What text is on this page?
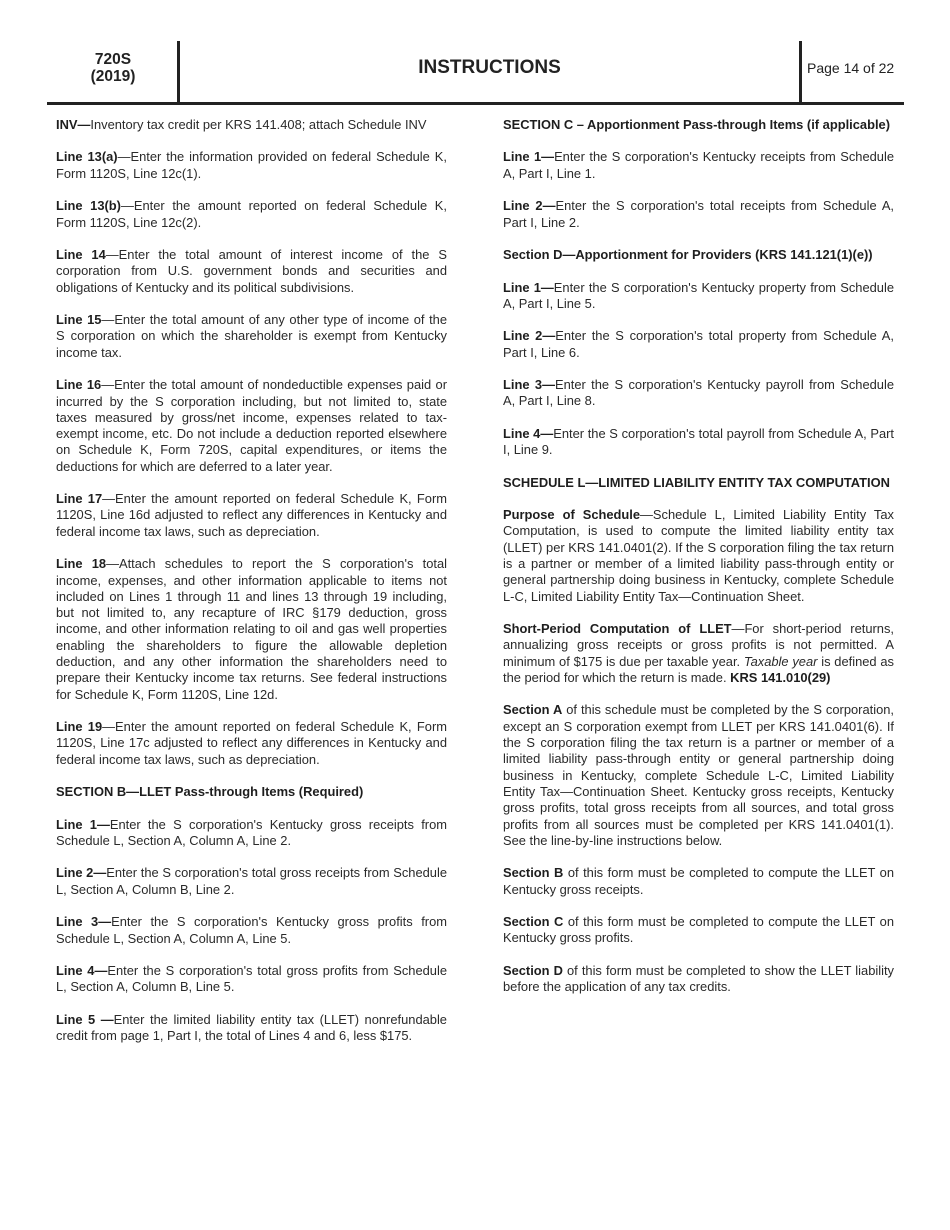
720S
(2019)	INSTRUCTIONS	Page 14 of 22

INV—Inventory tax credit per KRS 141.408; attach Schedule INV

Line 13(a)—Enter the information provided on federal Schedule K, Form 1120S, Line 12c(1).

Line 13(b)—Enter the amount reported on federal Schedule K, Form 1120S, Line 12c(2).

Line 14—Enter the total amount of interest income of the S corporation from U.S. government bonds and securities and obligations of Kentucky and its political subdivisions.

Line 15—Enter the total amount of any other type of income of the S corporation on which the shareholder is exempt from Kentucky income tax.

Line 16—Enter the total amount of nondeductible expenses paid or incurred by the S corporation including, but not limited to, state taxes measured by gross/net income, expenses related to tax-exempt income, etc. Do not include a deduction reported elsewhere on Schedule K, Form 720S, capital expenditures, or items the deductions for which are deferred to a later year.

Line 17—Enter the amount reported on federal Schedule K, Form 1120S, Line 16d adjusted to reflect any differences in Kentucky and federal income tax laws, such as depreciation.

Line 18—Attach schedules to report the S corporation's total income, expenses, and other information applicable to items not included on Lines 1 through 11 and lines 13 through 19 including, but not limited to, any recapture of IRC §179 deduction, gross income, and other information relating to oil and gas well properties enabling the shareholders to figure the allowable depletion deduction, and any other information the shareholders need to prepare their Kentucky income tax returns. See federal instructions for Schedule K, Form 1120S, Line 12d.

Line 19—Enter the amount reported on federal Schedule K, Form 1120S, Line 17c adjusted to reflect any differences in Kentucky and federal income tax laws, such as depreciation.

SECTION B—LLET Pass-through Items (Required)

Line 1—Enter the S corporation's Kentucky gross receipts from Schedule L, Section A, Column A, Line 2.

Line 2—Enter the S corporation's total gross receipts from Schedule L, Section A, Column B, Line 2.

Line 3—Enter the S corporation's Kentucky gross profits from Schedule L, Section A, Column A, Line 5.

Line 4—Enter the S corporation's total gross profits from Schedule L, Section A, Column B, Line 5.

Line 5 —Enter the limited liability entity tax (LLET) nonrefundable credit from page 1, Part I, the total of Lines 4 and 6, less $175.

SECTION C – Apportionment Pass-through Items (if applicable)

Line 1—Enter the S corporation's Kentucky receipts from Schedule A, Part I, Line 1.

Line 2—Enter the S corporation's total receipts from Schedule A, Part I, Line 2.

Section D—Apportionment for Providers (KRS 141.121(1)(e))

Line 1—Enter the S corporation's Kentucky property from Schedule A, Part I, Line 5.

Line 2—Enter the S corporation's total property from Schedule A, Part I, Line 6.

Line 3—Enter the S corporation's Kentucky payroll from Schedule A, Part I, Line 8.

Line 4—Enter the S corporation's total payroll from Schedule A, Part I, Line 9.

SCHEDULE L—LIMITED LIABILITY ENTITY TAX COMPUTATION

Purpose of Schedule—Schedule L, Limited Liability Entity Tax Computation, is used to compute the limited liability entity tax (LLET) per KRS 141.0401(2). If the S corporation filing the tax return is a partner or member of a limited liability pass-through entity or general partnership doing business in Kentucky, complete Schedule L-C, Limited Liability Entity Tax—Continuation Sheet.

Short-Period Computation of LLET—For short-period returns, annualizing gross receipts or gross profits is not permitted. A minimum of $175 is due per taxable year. Taxable year is defined as the period for which the return is made. KRS 141.010(29)

Section A of this schedule must be completed by the S corporation, except an S corporation exempt from LLET per KRS 141.0401(6). If the S corporation filing the tax return is a partner or member of a limited liability pass-through entity or general partnership doing business in Kentucky, complete Schedule L-C, Limited Liability Entity Tax—Continuation Sheet. Kentucky gross receipts, Kentucky gross profits, total gross receipts from all sources, and total gross profits from all sources must be completed per KRS 141.0401(1). See the line-by-line instructions below.

Section B of this form must be completed to compute the LLET on Kentucky gross receipts.

Section C of this form must be completed to compute the LLET on Kentucky gross profits.

Section D of this form must be completed to show the LLET liability before the application of any tax credits.
